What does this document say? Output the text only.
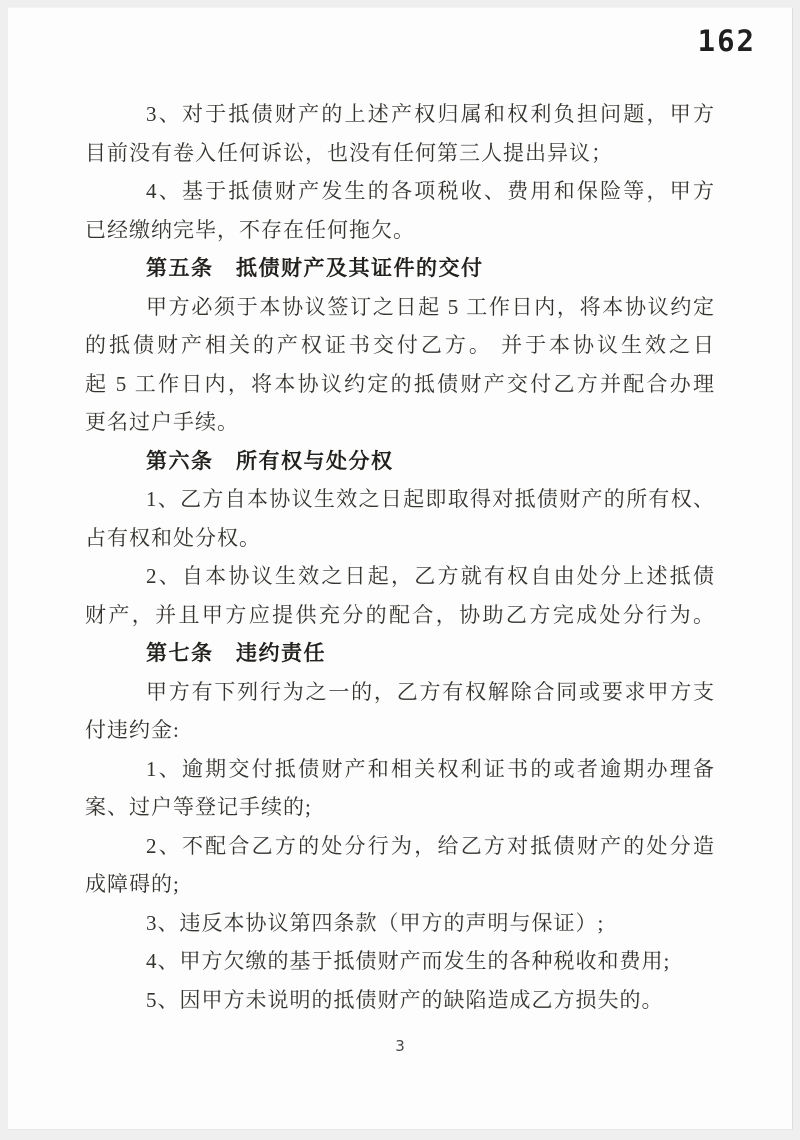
162
3、对于抵债财产的上述产权归属和权利负担问题，甲方
目前没有卷入任何诉讼，也没有任何第三人提出异议；
4、基于抵债财产发生的各项税收、费用和保险等，甲方
已经缴纳完毕，不存在任何拖欠。
第五条　抵债财产及其证件的交付
甲方必须于本协议签订之日起 5 工作日内，将本协议约定
的抵债财产相关的产权证书交付乙方。 并于本协议生效之日
起 5 工作日内，将本协议约定的抵债财产交付乙方并配合办理
更名过户手续。
第六条　所有权与处分权
1、乙方自本协议生效之日起即取得对抵债财产的所有权、
占有权和处分权。
2、自本协议生效之日起，乙方就有权自由处分上述抵债
财产，并且甲方应提供充分的配合，协助乙方完成处分行为。
第七条　违约责任
甲方有下列行为之一的，乙方有权解除合同或要求甲方支
付违约金:
1、逾期交付抵债财产和相关权利证书的或者逾期办理备
案、过户等登记手续的;
2、不配合乙方的处分行为，给乙方对抵债财产的处分造
成障碍的;
3、违反本协议第四条款（甲方的声明与保证）;
4、甲方欠缴的基于抵债财产而发生的各种税收和费用;
5、因甲方未说明的抵债财产的缺陷造成乙方损失的。
3
